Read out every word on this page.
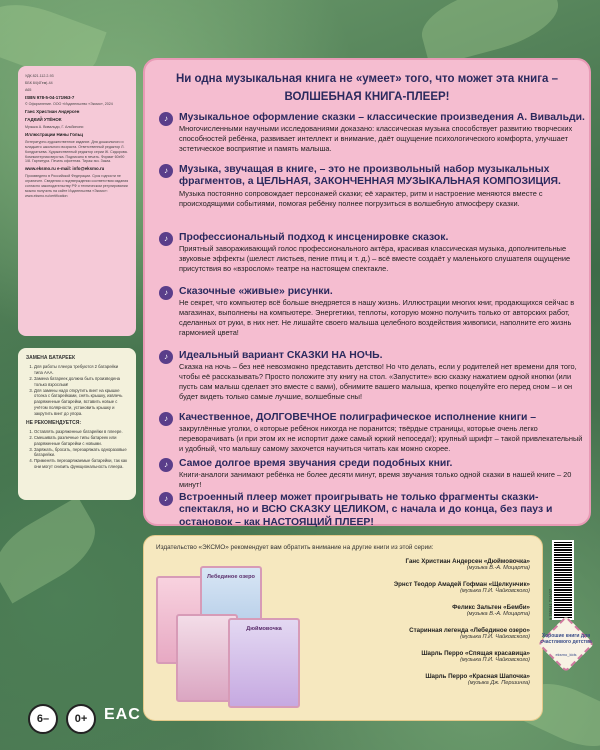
УДК 821.112.2-93

ББК 84(4Гем)-44

А65

ISBN 978-5-04-171963-7

© Оформление. ООО «Издательство «Эксмо», 2024

Ганс Христиан Андерсен

ГАДКИЙ УТЁНОК

Музыка А. Вивальди, Г. Альбинони

Иллюстрации Нины Гольц

Литературно-художественное издание. Для дошкольного и младшего школьного возраста. Ответственный редактор Л. Кондратьева. Художественный редактор серии Ж. Сидорова. Компьютерная верстка. Подписано в печать. Формат 60x90 1/8. Гарнитура. Печать офсетная. Тираж экз. Заказ.

www.eksmo.ru e-mail: info@eksmo.ru

Произведено в Российской Федерации. Срок годности не ограничен. Сведения о подтверждении соответствия издания согласно законодательству РФ о техническом регулировании можно получить на сайте Издательства «Эксмо»: www.eksmo.ru/certification

ЗАМЕНА БАТАРЕЕК
1. Для работы плеера требуются 2 батарейки типа AAA.
2. Замена батареек должна быть произведена только взрослым!
3. Для замены надо открутить винт на крышке отсека с батарейками, снять крышку, извлечь разряженные батарейки, вставить новые с учётом полярности, установить крышку и закрутить винт до упора.
НЕ РЕКОМЕНДУЕТСЯ:
1. Оставлять разряженные батарейки в плеере.
2. Смешивать различные типы батареек или разряженные батарейки с новыми.
3. Заряжать, бросать, перезаряжать одноразовые батарейки.
4. Применять перезаряжаемые батарейки, так как они могут снизить функциональность плеера.
Ни одна музыкальная книга не «умеет» того, что может эта книга –
ВОЛШЕБНАЯ КНИГА-ПЛЕЕР!
♪	Музыкальное оформление сказки – классические произведения А. Вивальди.
Многочисленными научными исследованиями доказано: классическая музыка способствует развитию творческих способностей ребёнка, развивает интеллект и внимание, даёт ощущение психологического комфорта, улучшает эстетическое восприятие и память малыша.
♪	Музыка, звучащая в книге, – это не произвольный набор музыкальных фрагментов, а ЦЕЛЬНАЯ, ЗАКОНЧЕННАЯ МУЗЫКАЛЬНАЯ КОМПОЗИЦИЯ.
Музыка постоянно сопровождает персонажей сказки; её характер, ритм и настроение меняются вместе с происходящими событиями, помогая ребёнку полнее погрузиться в волшебную атмосферу сказки.
♪	Профессиональный подход к инсценировке сказок.
Приятный завораживающий голос профессионального актёра, красивая классическая музыка, дополнительные звуковые эффекты (шелест листьев, пение птиц и т. д.) – всё вместе создаёт у маленького слушателя ощущение присутствия во «взрослом» театре на настоящем спектакле.
♪	Сказочные «живые» рисунки.
Не секрет, что компьютер всё больше внедряется в нашу жизнь. Иллюстрации многих книг, продающихся сейчас в магазинах, выполнены на компьютере. Энергетики, теплоты, которую можно получить только от авторских работ, сделанных от руки, в них нет. Не лишайте своего малыша целебного воздействия живописи, наполните его жизнь гармонией цвета!
♪	Идеальный вариант СКАЗКИ НА НОЧЬ.
Сказка на ночь – без неё невозможно представить детство! Но что делать, если у родителей нет времени для того, чтобы её рассказывать? Просто положите эту книгу на стол. «Запустите» всю сказку нажатием одной кнопки (или пусть сам малыш сделает это вместе с вами), обнимите вашего малыша, крепко поцелуйте его перед сном – и он будет видеть только самые лучшие, волшебные сны!
♪	Качественное, ДОЛГОВЕЧНОЕ полиграфическое исполнение книги –
закруглённые уголки, о которые ребёнок никогда не поранится; твёрдые страницы, которые очень легко переворачивать (и при этом их не испортит даже самый юркий непоседа!); крупный шрифт – такой привлекательный и удобный, что малышу самому захочется научиться читать как можно скорее.
♪	Самое долгое время звучания среди подобных книг.
Книги-аналоги занимают ребёнка не более десяти минут, время звучания только одной сказки в нашей книге – 20 минут!
♪	Встроенный плеер может проигрывать не только фрагменты сказки-спектакля, но и ВСЮ СКАЗКУ ЦЕЛИКОМ, с начала и до конца, без пауз и остановок – как НАСТОЯЩИЙ ПЛЕЕР!
Издательство «ЭКСМО» рекомендует вам обратить внимание на другие книги из этой серии:
Лебединое озеро
Дюймовочка
Ганс Христиан Андерсен «Дюймовочка»
(музыка В.-А. Моцарта)
Эрнст Теодор Амадей Гофман «Щелкунчик»
(музыка П.И. Чайковского)
Феликс Зальтен «Бемби»
(музыка В.-А. Моцарта)
Старинная легенда «Лебединое озеро»
(музыка П.И. Чайковского)
Шарль Перро «Спящая красавица»
(музыка П.И. Чайковского)
Шарль Перро «Красная Шапочка»
(музыка Дж. Першинга)
9 785041 719637
Хорошие книги для счастливого детства
eksmo_kids
6–	0+	EAC
